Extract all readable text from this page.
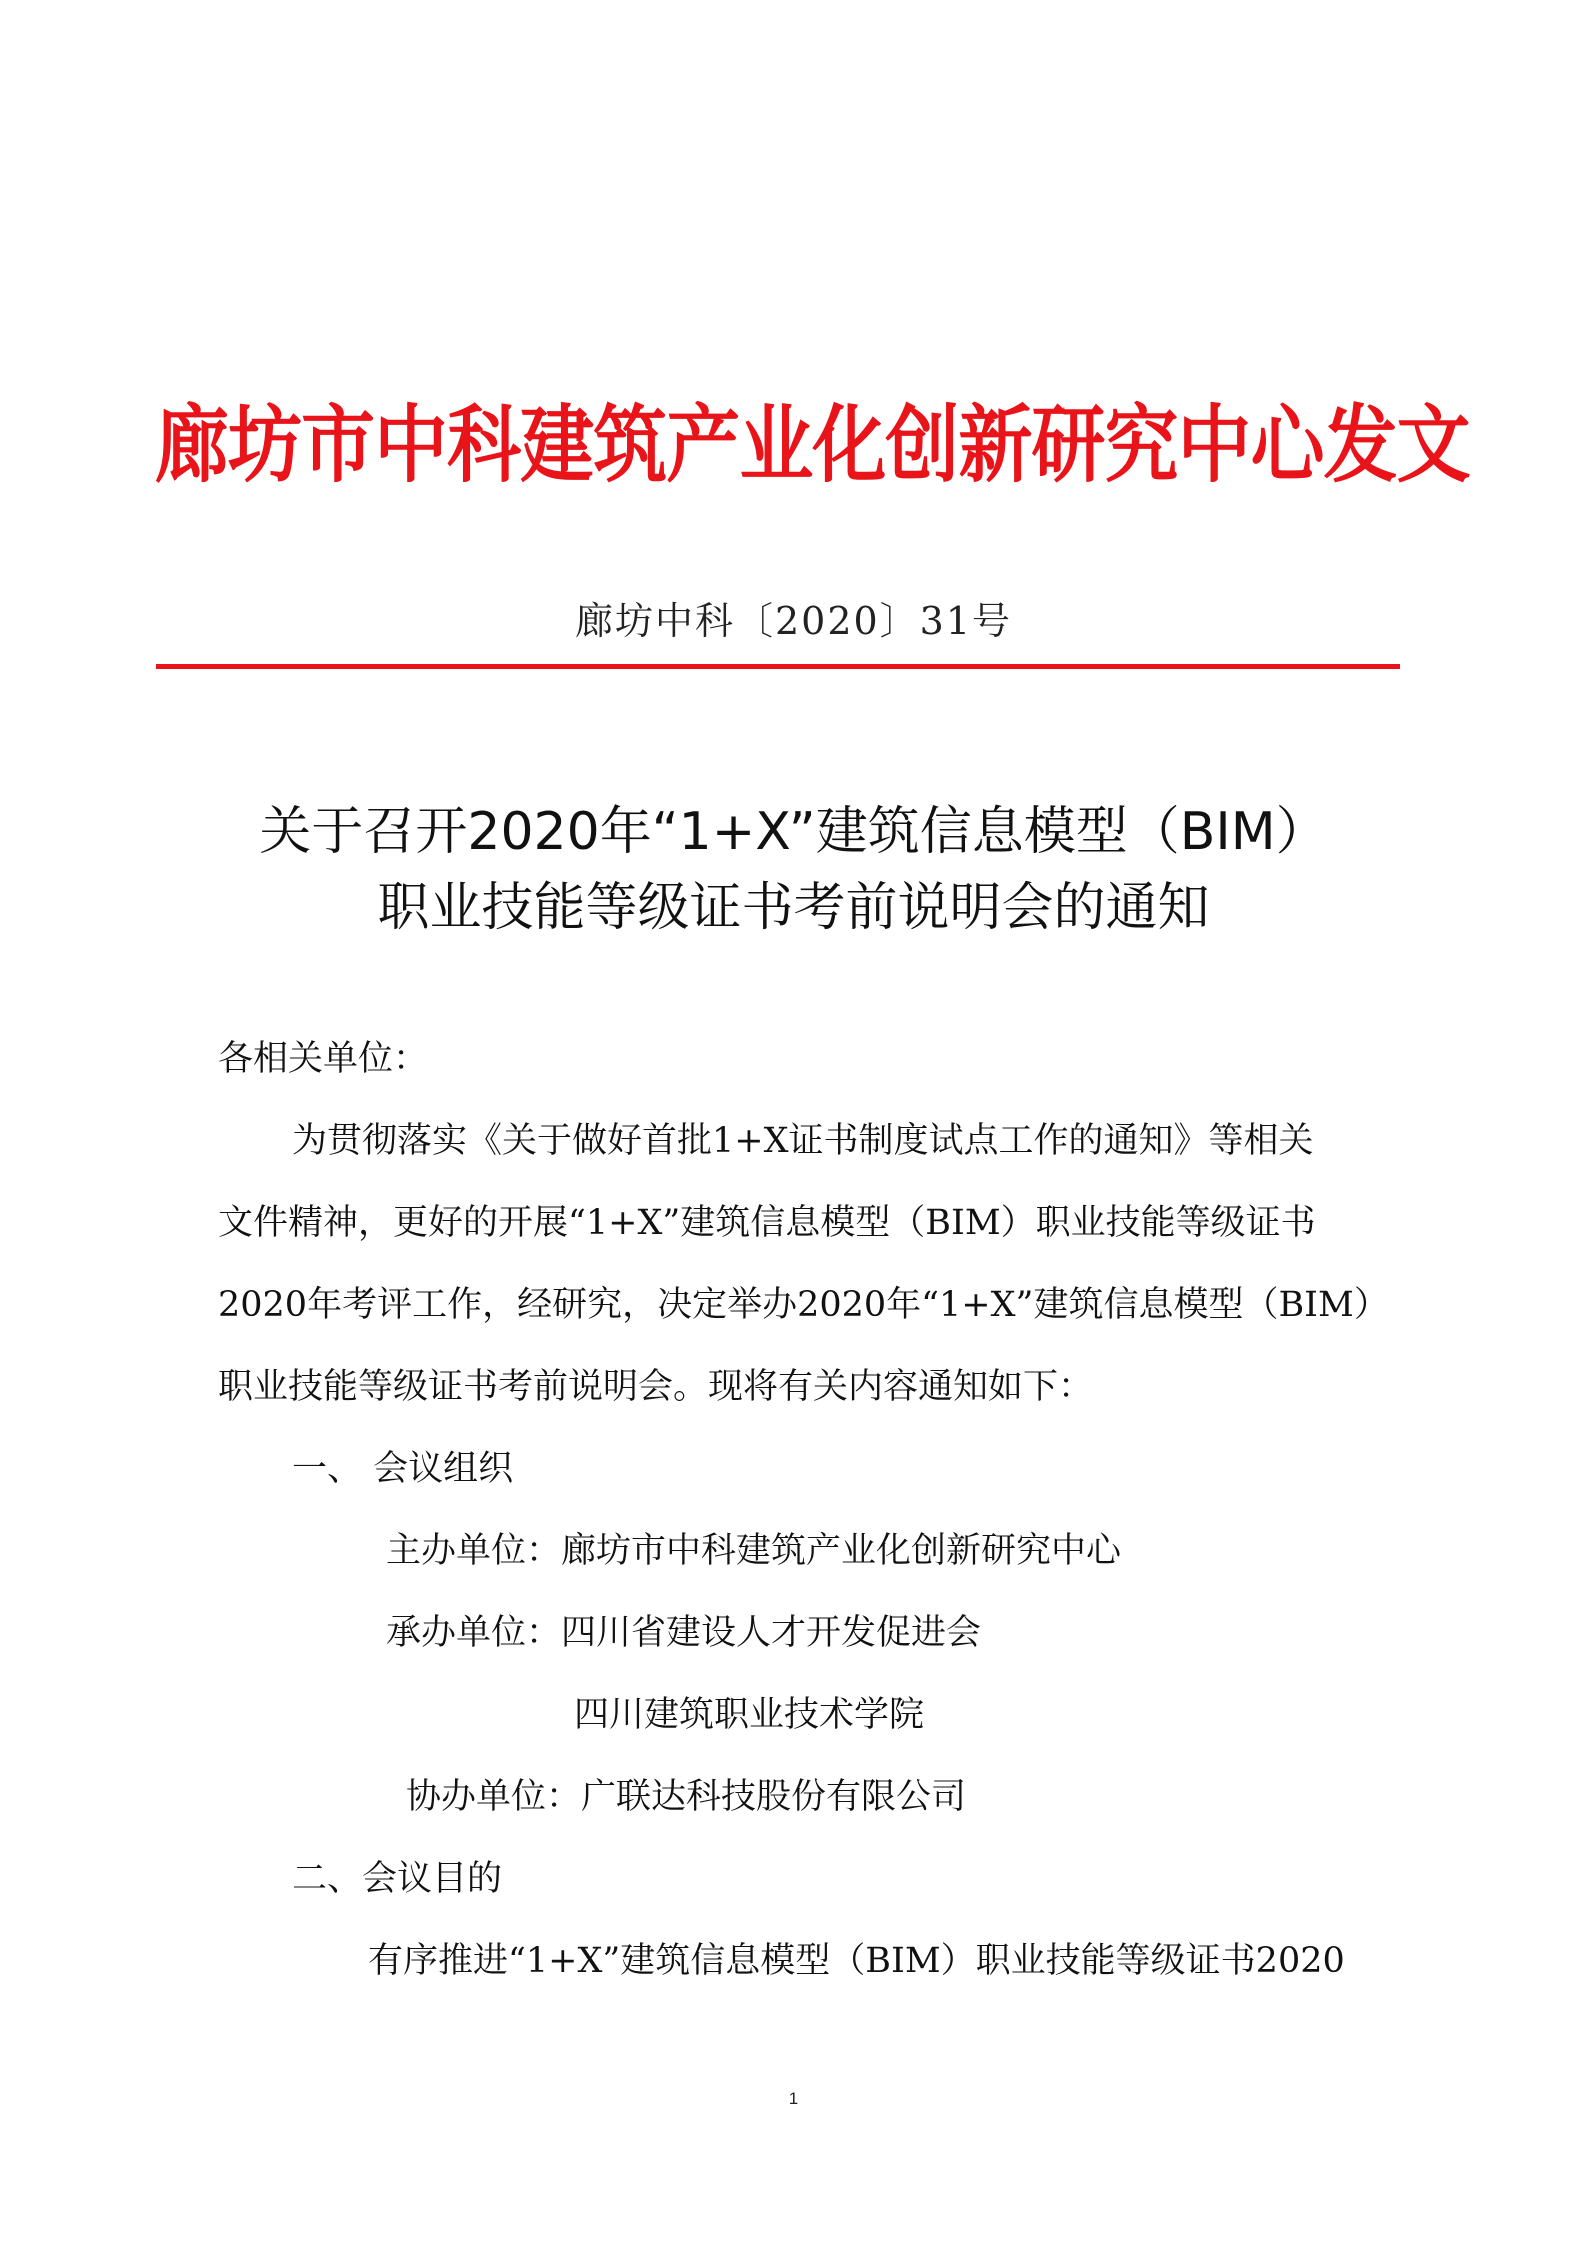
廊坊市中科建筑产业化创新研究中心发文
廊坊中科〔2020〕31号
关于召开2020年“1+X”建筑信息模型（BIM）
职业技能等级证书考前说明会的通知
各相关单位：
为贯彻落实《关于做好首批1+X证书制度试点工作的通知》等相关
文件精神，更好的开展“1+X”建筑信息模型（BIM）职业技能等级证书
2020年考评工作，经研究，决定举办2020年“1+X”建筑信息模型（BIM）
职业技能等级证书考前说明会。现将有关内容通知如下：
一、 会议组织
主办单位：廊坊市中科建筑产业化创新研究中心
承办单位：四川省建设人才开发促进会
四川建筑职业技术学院
协办单位：广联达科技股份有限公司
二、会议目的
有序推进“1+X”建筑信息模型（BIM）职业技能等级证书2020
1
